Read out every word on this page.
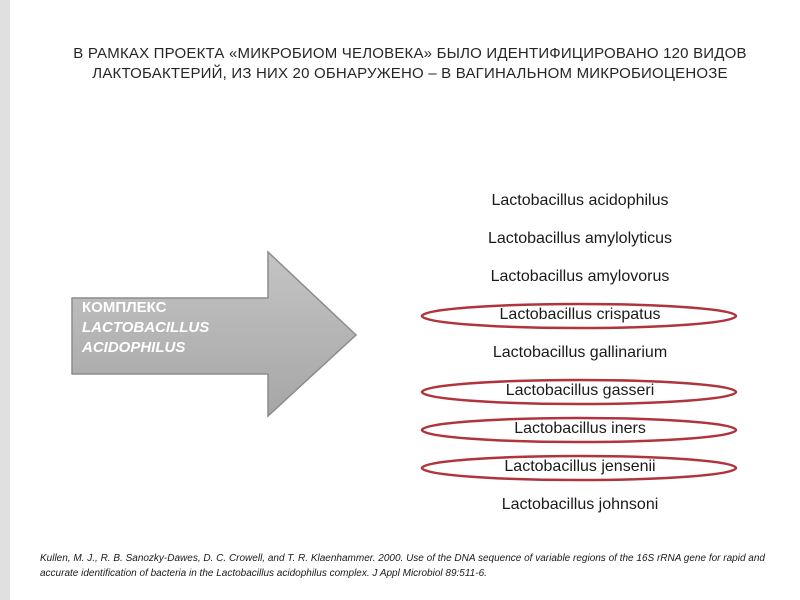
В РАМКАХ ПРОЕКТА «МИКРОБИОМ ЧЕЛОВЕКА» БЫЛО ИДЕНТИФИЦИРОВАНО 120 ВИДОВ ЛАКТОБАКТЕРИЙ, ИЗ НИХ 20 ОБНАРУЖЕНО – В ВАГИНАЛЬНОМ МИКРОБИОЦЕНОЗЕ
КОМПЛЕКС
LACTOBACILLUS
ACIDOPHILUS
Lactobacillus acidophilus
Lactobacillus amylolyticus
Lactobacillus amylovorus
Lactobacillus crispatus
Lactobacillus gallinarium
Lactobacillus gasseri
Lactobacillus iners
Lactobacillus jensenii
Lactobacillus johnsoni
Kullen, M. J., R. B. Sanozky-Dawes, D. C. Crowell, and T. R. Klaenhammer. 2000. Use of the DNA sequence of variable regions of the 16S rRNA gene for rapid and accurate identification of bacteria in the Lactobacillus acidophilus complex. J Appl Microbiol 89:511-6.
